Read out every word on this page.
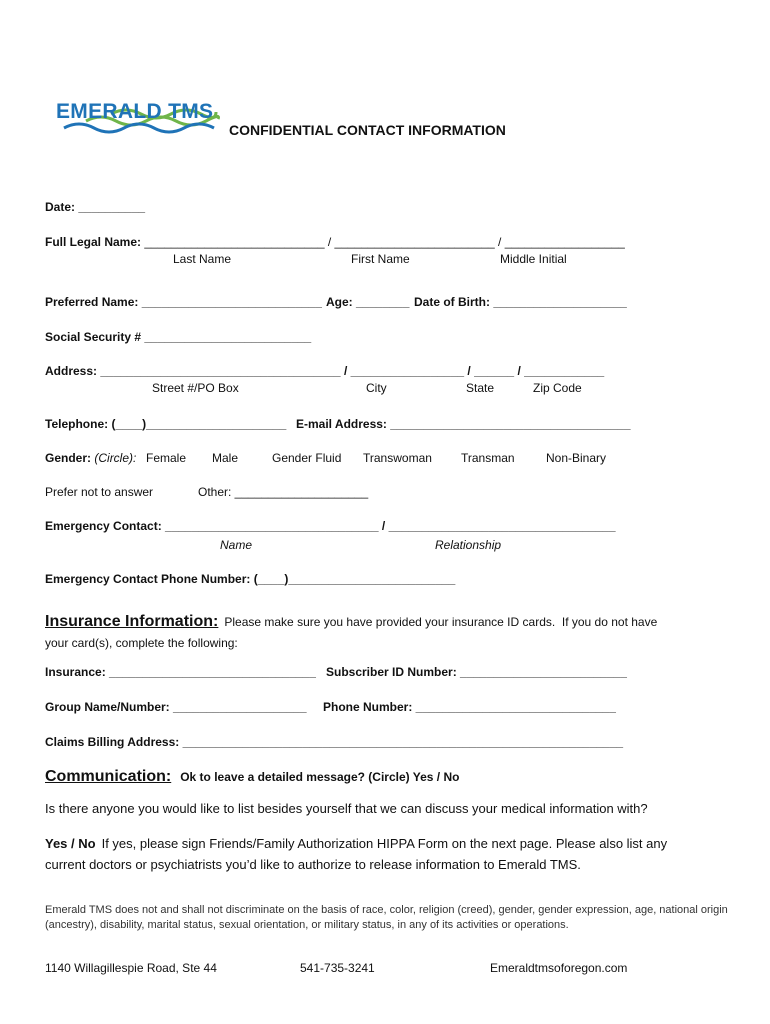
EMERALD TMS

CONFIDENTIAL CONTACT INFORMATION
Date: __________
Full Legal Name: ___________________________ / ________________________ / __________________
Last Name	First Name	Middle Initial
Preferred Name: ___________________________ Age: ________ Date of Birth: ____________________
Social Security # _________________________
Address: ____________________________________ / _________________ / ______ / ____________
Street #/PO Box	City	State	Zip Code
Telephone: (____)_____________________ E-mail Address: ____________________________________
Gender: (Circle): Female Male	Gender Fluid Transwoman Transman	Non-Binary
Prefer not to answer	Other: ____________________
Emergency Contact: ________________________________ / __________________________________
Name	Relationship
Emergency Contact Phone Number: (____)_________________________
Insurance Information: Please make sure you have provided your insurance ID cards.  If you do not have
your card(s), complete the following:
Insurance: _______________________________ Subscriber ID Number: _________________________
Group Name/Number: ____________________ Phone Number: ______________________________
Claims Billing Address: __________________________________________________________________
Communication: Ok to leave a detailed message? (Circle) Yes / No
Is there anyone you would like to list besides yourself that we can discuss your medical information with?
Yes / No If yes, please sign Friends/Family Authorization HIPPA Form on the next page. Please also list any
current doctors or psychiatrists you’d like to authorize to release information to Emerald TMS.
Emerald TMS does not and shall not discriminate on the basis of race, color, religion (creed), gender, gender expression, age, national origin (ancestry), disability, marital status, sexual orientation, or military status, in any of its activities or operations.
1140 Willagillespie Road, Ste 44	541-735-3241	Emeraldtmsoforegon.com
